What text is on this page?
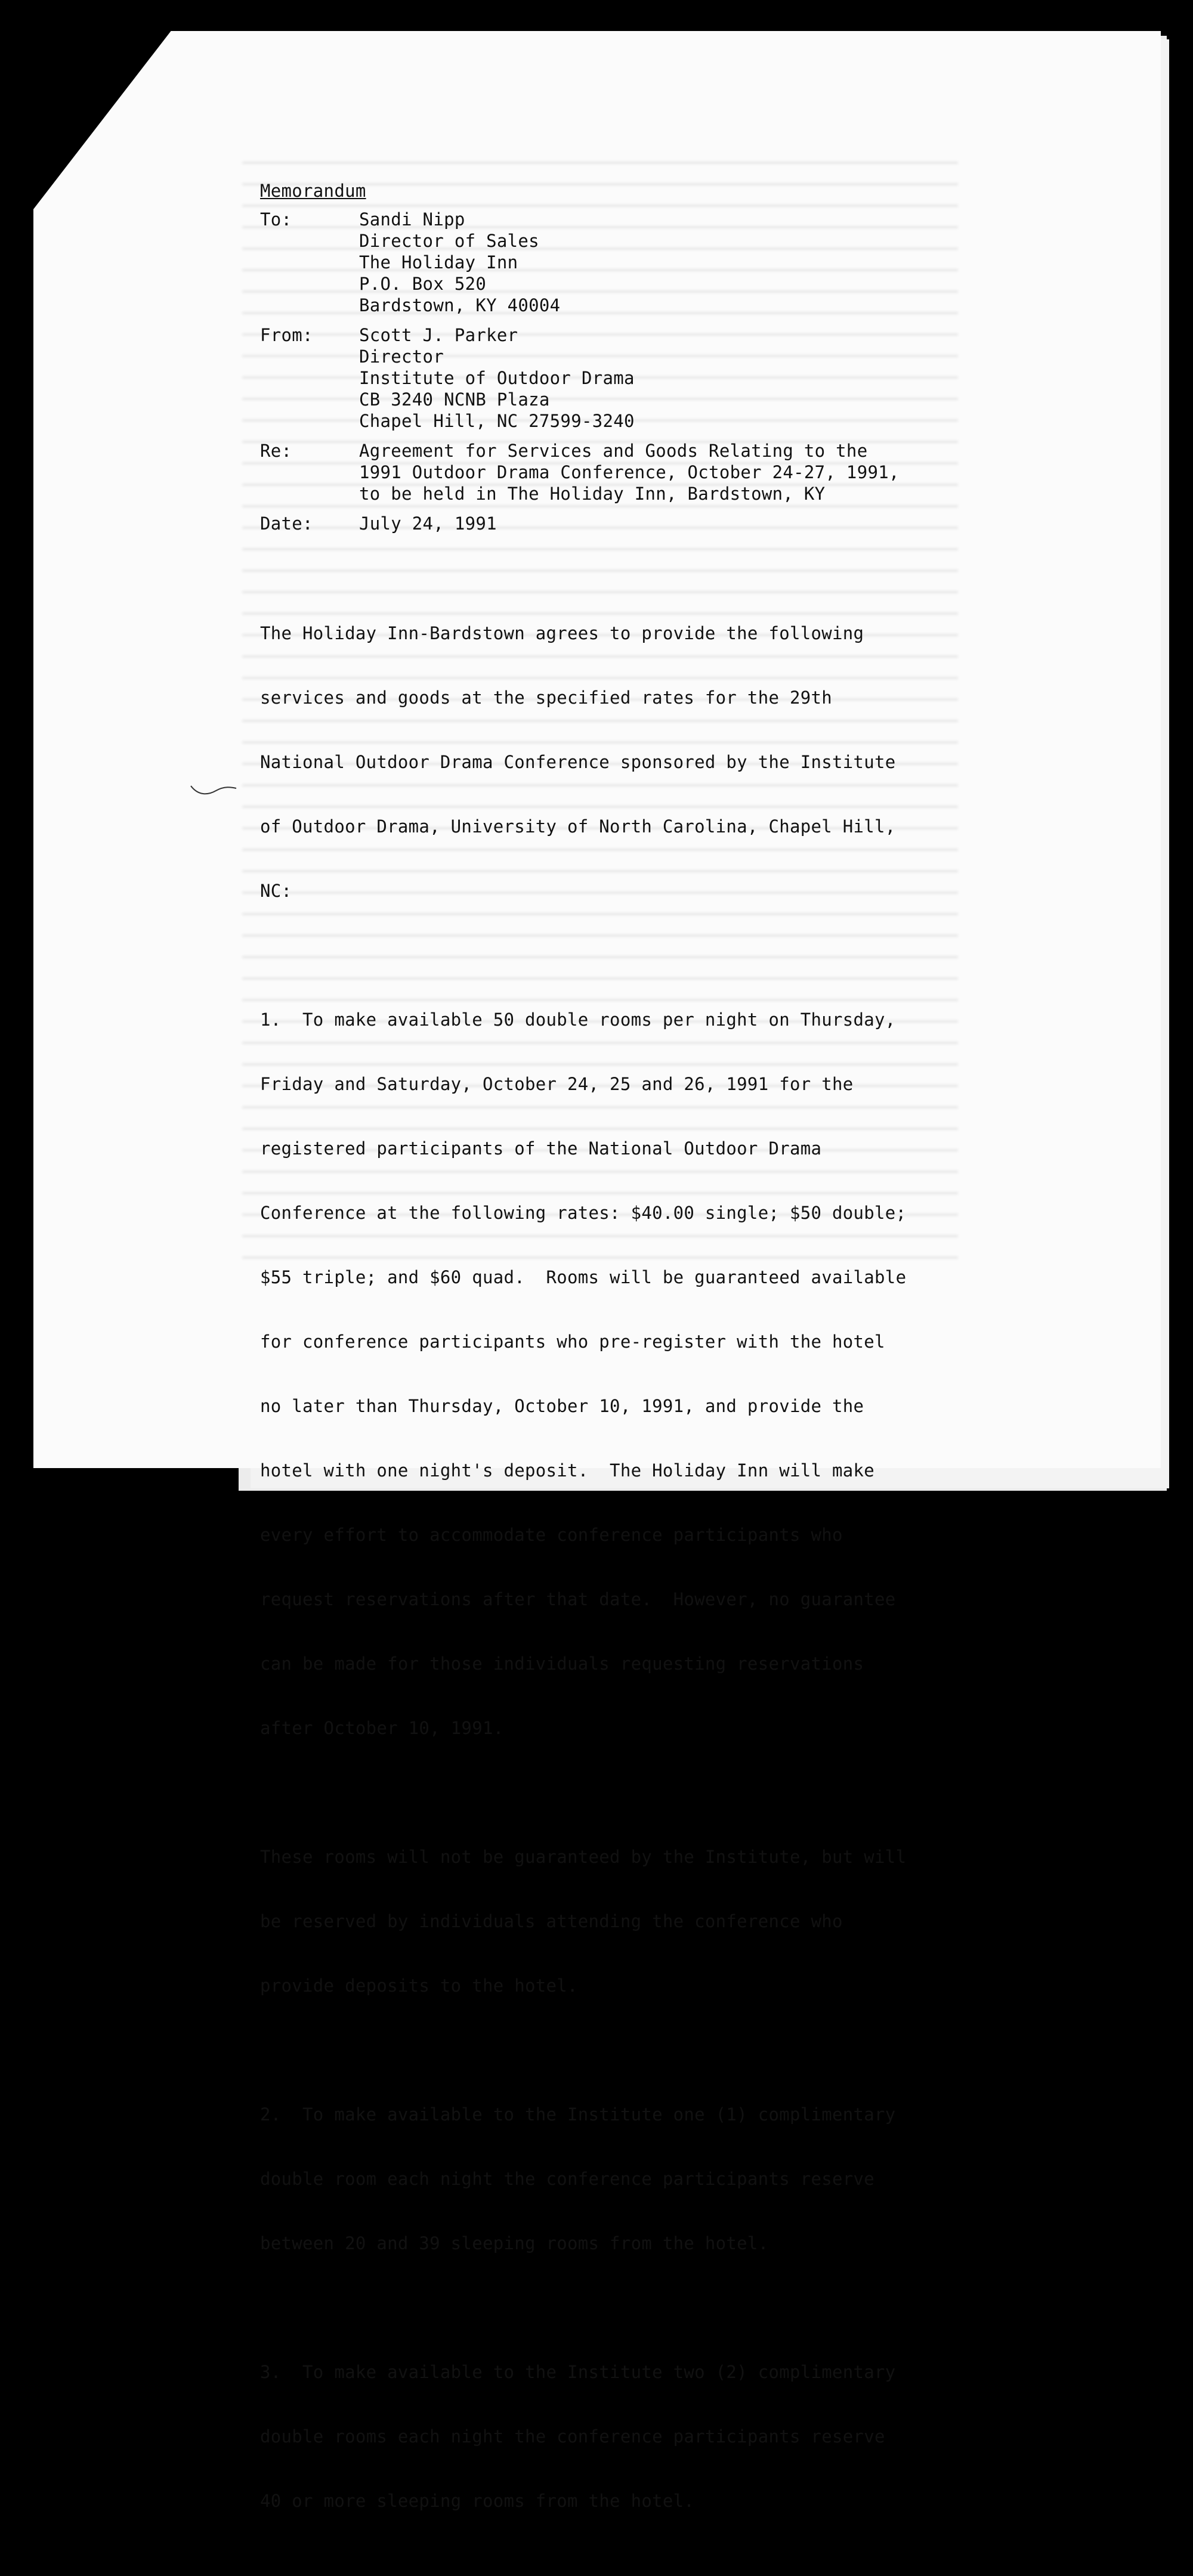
Memorandum
To:	Sandi Nipp
Director of Sales
The Holiday Inn
P.O. Box 520
Bardstown, KY 40004
From:	Scott J. Parker
Director
Institute of Outdoor Drama
CB 3240 NCNB Plaza
Chapel Hill, NC 27599-3240
Re:	Agreement for Services and Goods Relating to the
1991 Outdoor Drama Conference, October 24-27, 1991,
to be held in The Holiday Inn, Bardstown, KY
Date:	July 24, 1991

The Holiday Inn-Bardstown agrees to provide the following

services and goods at the specified rates for the 29th

National Outdoor Drama Conference sponsored by the Institute

of Outdoor Drama, University of North Carolina, Chapel Hill,

NC:

1.  To make available 50 double rooms per night on Thursday,

Friday and Saturday, October 24, 25 and 26, 1991 for the

registered participants of the National Outdoor Drama

Conference at the following rates: $40.00 single; $50 double;

$55 triple; and $60 quad.  Rooms will be guaranteed available

for conference participants who pre-register with the hotel

no later than Thursday, October 10, 1991, and provide the

hotel with one night's deposit.  The Holiday Inn will make

every effort to accommodate conference participants who

request reservations after that date.  However, no guarantee

can be made for those individuals requesting reservations

after October 10, 1991.

These rooms will not be guaranteed by the Institute, but will

be reserved by individuals attending the conference who

provide deposits to the hotel.

2.  To make available to the Institute one (1) complimentary

double room each night the conference participants reserve

between 20 and 39 sleeping rooms from the hotel.

3.  To make available to the Institute two (2) complimentary

double rooms each night the conference participants reserve

40 or more sleeping rooms from the hotel.
